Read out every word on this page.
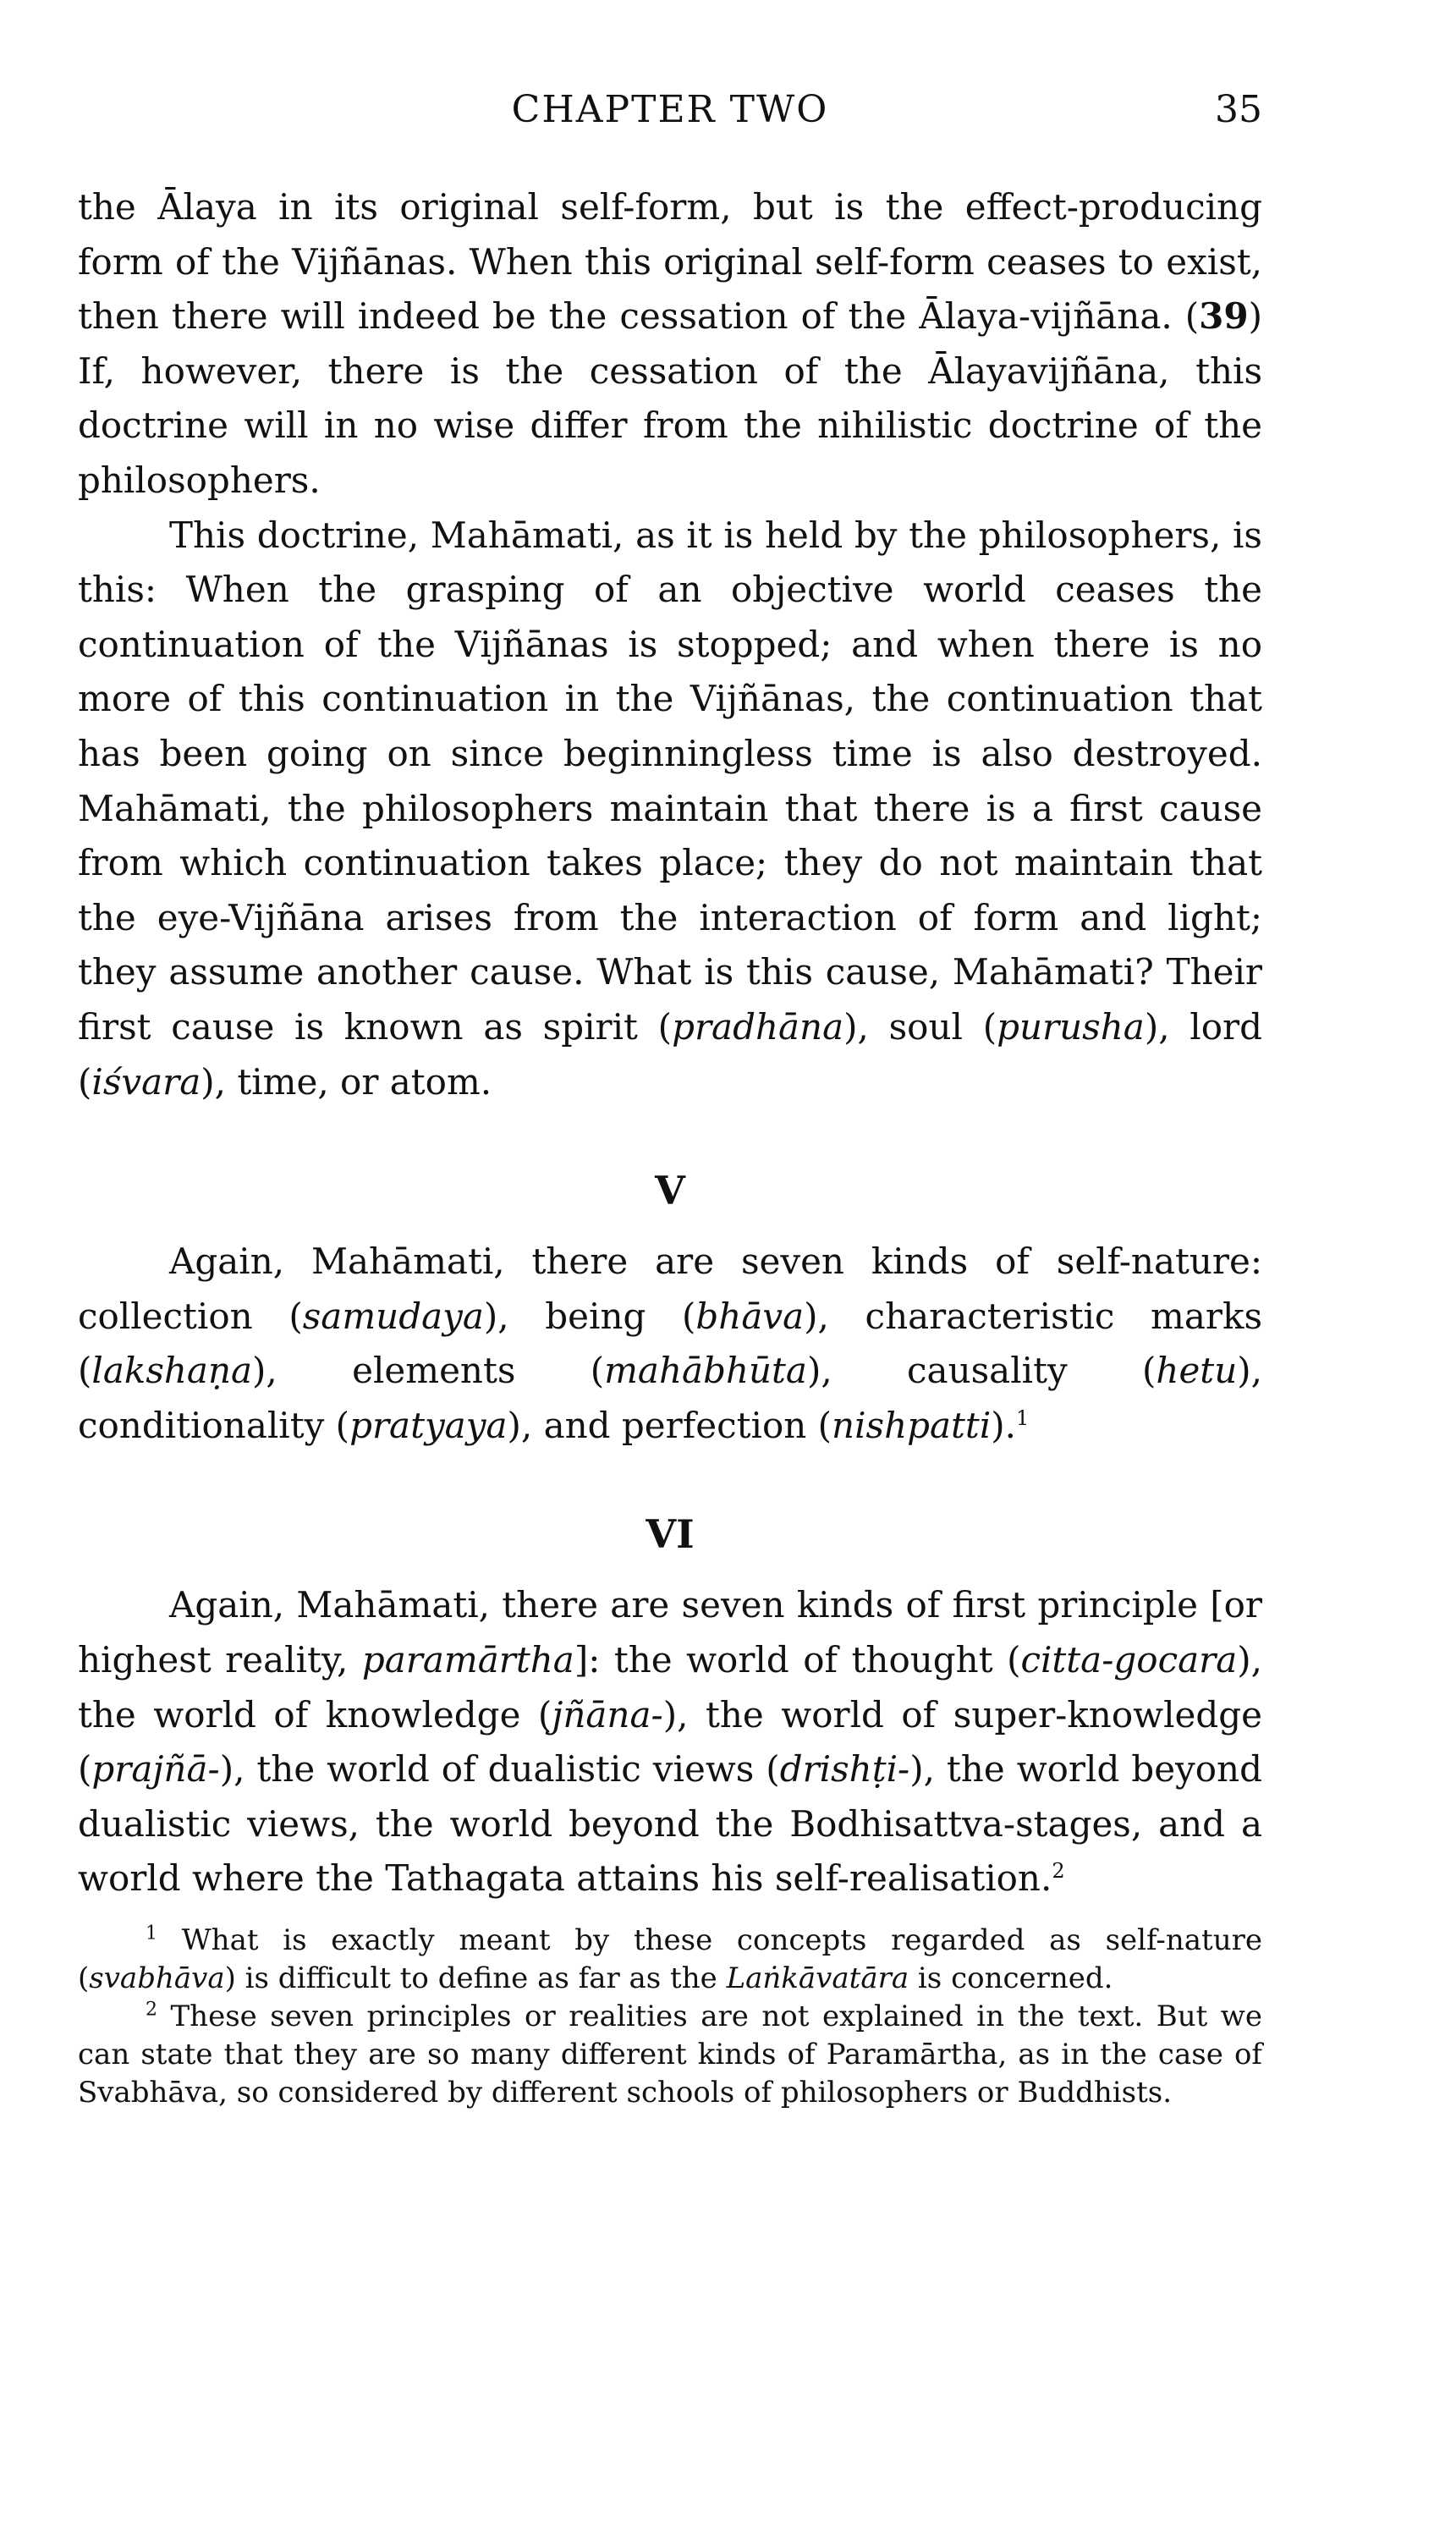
CHAPTER TWO	35

the Ālaya in its original self-form, but is the effect-producing form of the Vijñānas. When this original self-form ceases to exist, then there will indeed be the cessation of the Ālaya-vijñāna. (39) If, however, there is the cessation of the Ālayavijñāna, this doctrine will in no wise differ from the nihilistic doctrine of the philosophers.

This doctrine, Mahāmati, as it is held by the philosophers, is this: When the grasping of an objective world ceases the continuation of the Vijñānas is stopped; and when there is no more of this continuation in the Vijñānas, the continuation that has been going on since beginningless time is also destroyed. Mahāmati, the philosophers maintain that there is a first cause from which continuation takes place; they do not maintain that the eye-Vijñāna arises from the interaction of form and light; they assume another cause. What is this cause, Mahāmati? Their first cause is known as spirit (pradhāna), soul (purusha), lord (iśvara), time, or atom.

V

Again, Mahāmati, there are seven kinds of self-nature: collection (samudaya), being (bhāva), characteristic marks (lakshaṇa), elements (mahābhūta), causality (hetu), conditionality (pratyaya), and perfection (nishpatti).$^1$

VI

Again, Mahāmati, there are seven kinds of first principle [or highest reality, paramārtha]: the world of thought (citta-gocara), the world of knowledge (jñāna-), the world of super-knowledge (prajñā-), the world of dualistic views (drishṭi-), the world beyond dualistic views, the world beyond the Bodhisattva-stages, and a world where the Tathagata attains his self-realisation.$^2$

$^1$ What is exactly meant by these concepts regarded as self-nature (svabhāva) is difficult to define as far as the Laṅkāvatāra is concerned.

$^2$ These seven principles or realities are not explained in the text. But we can state that they are so many different kinds of Paramārtha, as in the case of Svabhāva, so considered by different schools of philosophers or Buddhists.
